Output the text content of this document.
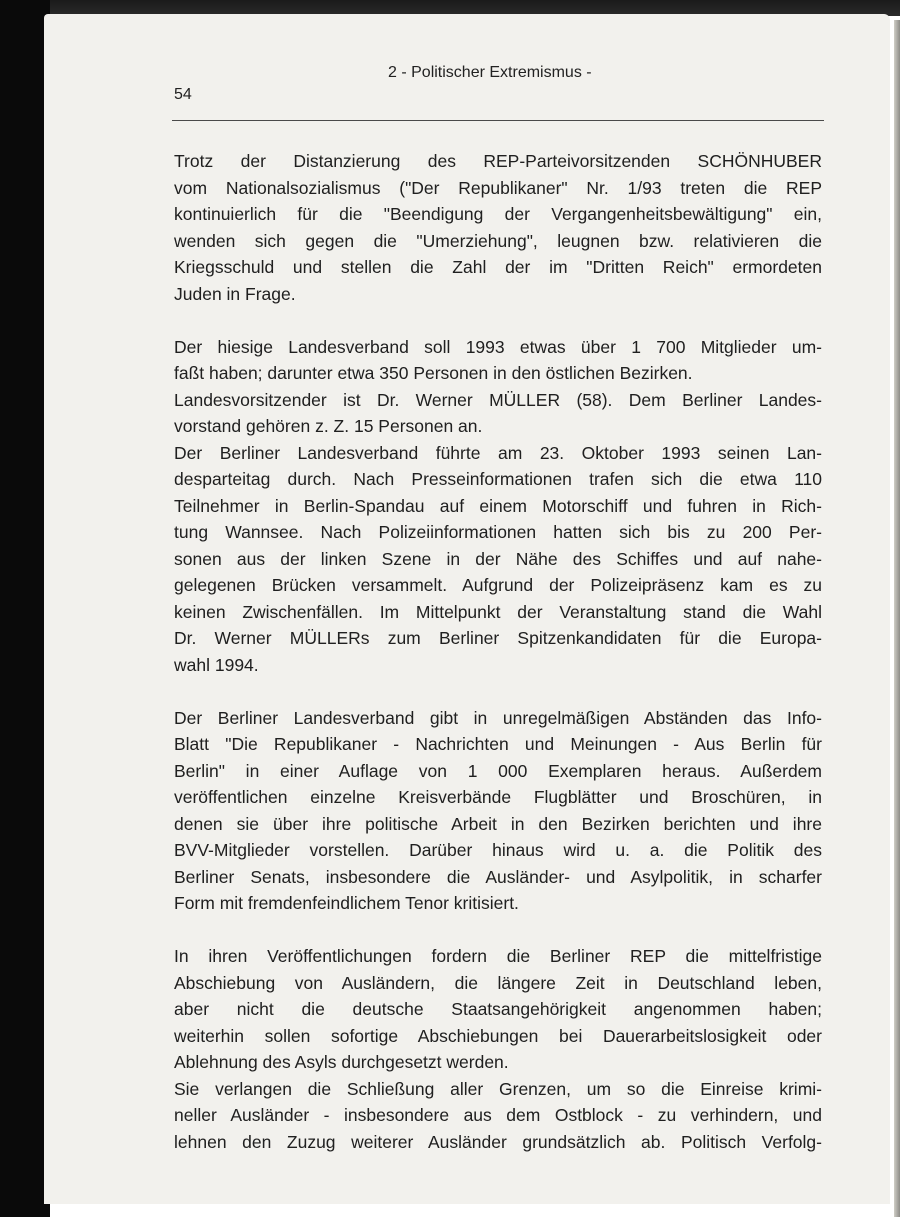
2 - Politischer Extremismus -
54

Trotz der Distanzierung des REP-Parteivorsitzenden SCHÖNHUBER
vom Nationalsozialismus ("Der Republikaner" Nr. 1/93 treten die REP
kontinuierlich für die "Beendigung der Vergangenheitsbewältigung" ein,
wenden sich gegen die "Umerziehung", leugnen bzw. relativieren die
Kriegsschuld und stellen die Zahl der im "Dritten Reich" ermordeten
Juden in Frage.

Der hiesige Landesverband soll 1993 etwas über 1 700 Mitglieder um-
faßt haben; darunter etwa 350 Personen in den östlichen Bezirken.
Landesvorsitzender ist Dr. Werner MÜLLER (58). Dem Berliner Landes-
vorstand gehören z. Z. 15 Personen an.

Der Berliner Landesverband führte am 23. Oktober 1993 seinen Lan-
desparteitag durch. Nach Presseinformationen trafen sich die etwa 110
Teilnehmer in Berlin-Spandau auf einem Motorschiff und fuhren in Rich-
tung Wannsee. Nach Polizeiinformationen hatten sich bis zu 200 Per-
sonen aus der linken Szene in der Nähe des Schiffes und auf nahe-
gelegenen Brücken versammelt. Aufgrund der Polizeipräsenz kam es zu
keinen Zwischenfällen. Im Mittelpunkt der Veranstaltung stand die Wahl
Dr. Werner MÜLLERs zum Berliner Spitzenkandidaten für die Europa-
wahl 1994.

Der Berliner Landesverband gibt in unregelmäßigen Abständen das Info-
Blatt "Die Republikaner - Nachrichten und Meinungen - Aus Berlin für
Berlin" in einer Auflage von 1 000 Exemplaren heraus. Außerdem
veröffentlichen einzelne Kreisverbände Flugblätter und Broschüren, in
denen sie über ihre politische Arbeit in den Bezirken berichten und ihre
BVV-Mitglieder vorstellen. Darüber hinaus wird u. a. die Politik des
Berliner Senats, insbesondere die Ausländer- und Asylpolitik, in scharfer
Form mit fremdenfeindlichem Tenor kritisiert.

In ihren Veröffentlichungen fordern die Berliner REP die mittelfristige
Abschiebung von Ausländern, die längere Zeit in Deutschland leben,
aber nicht die deutsche Staatsangehörigkeit angenommen haben;
weiterhin sollen sofortige Abschiebungen bei Dauerarbeitslosigkeit oder
Ablehnung des Asyls durchgesetzt werden.

Sie verlangen die Schließung aller Grenzen, um so die Einreise krimi-
neller Ausländer - insbesondere aus dem Ostblock - zu verhindern, und
lehnen den Zuzug weiterer Ausländer grundsätzlich ab. Politisch Verfolg-
